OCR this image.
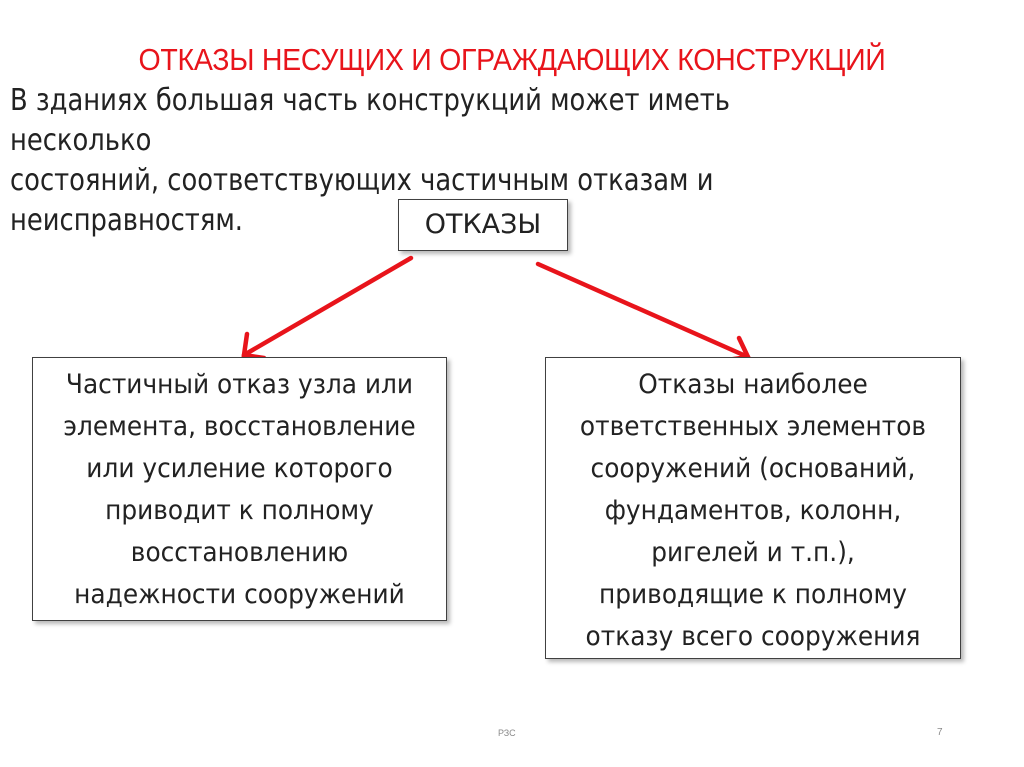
ОТКАЗЫ НЕСУЩИХ И ОГРАЖДАЮЩИХ КОНСТРУКЦИЙ
В зданиях большая часть конструкций может иметь несколько
состояний, соответствующих частичным отказам и неисправностям.	ОТКАЗЫ
Частичный отказ узла или
элемента, восстановление
или усиление которого
приводит к полному
восстановлению
надежности сооружений
Отказы наиболее
ответственных элементов
сооружений (оснований,
фундаментов, колонн,
ригелей и т.п.),
приводящие к полному
отказу всего сооружения
РЗС	7
